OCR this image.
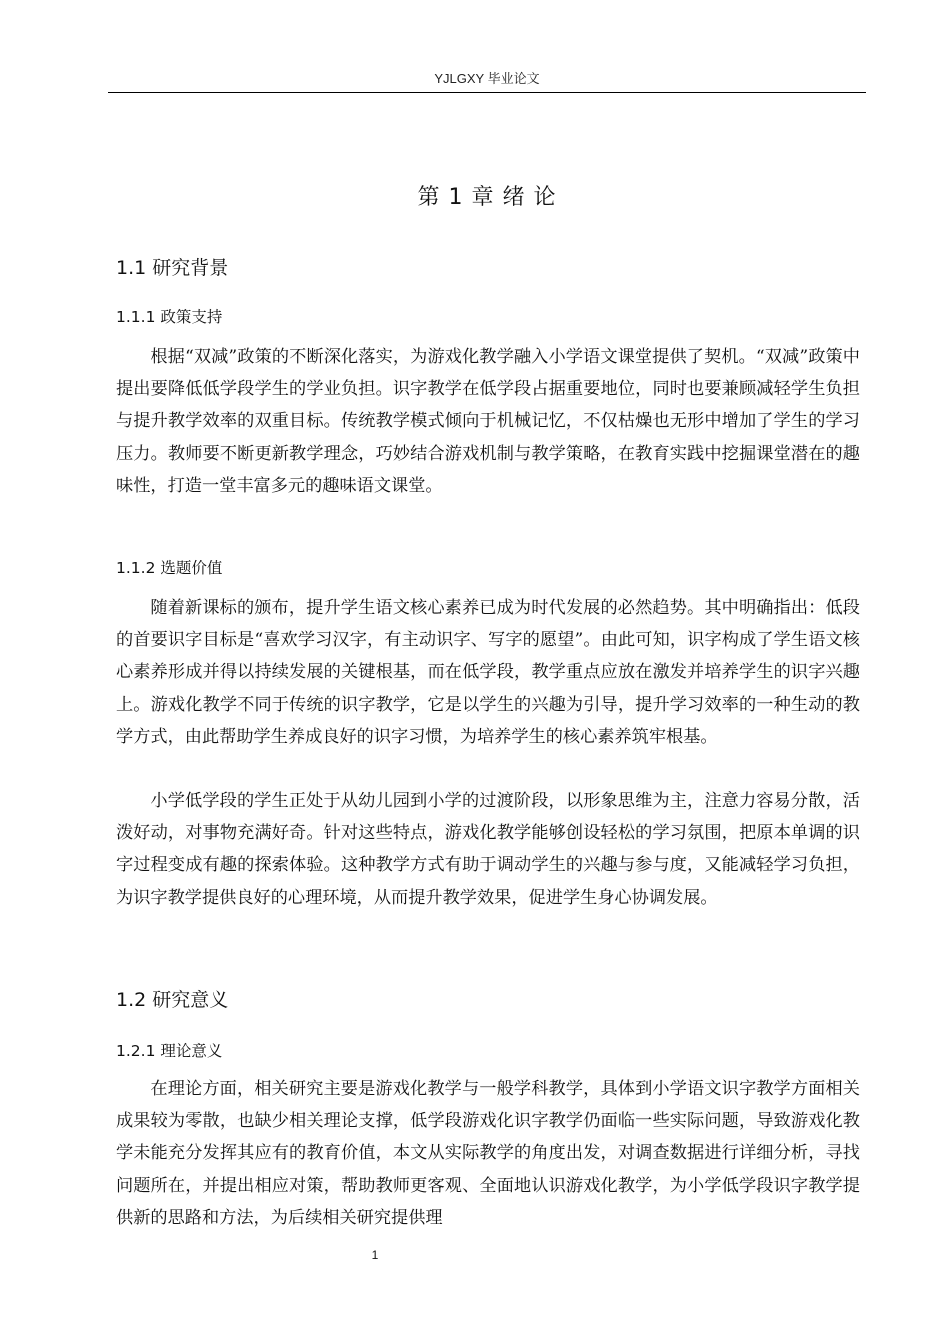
YJLGXY 毕业论文
第 1 章 绪 论
1.1 研究背景
1.1.1 政策支持

根据“双减”政策的不断深化落实，为游戏化教学融入小学语文课堂提供了契机。“双减”政策中提出要降低低学段学生的学业负担。识字教学在低学段占据重要地位，同时也要兼顾减轻学生负担与提升教学效率的双重目标。传统教学模式倾向于机械记忆，不仅枯燥也无形中增加了学生的学习压力。教师要不断更新教学理念，巧妙结合游戏机制与教学策略，在教育实践中挖掘课堂潜在的趣味性，打造一堂丰富多元的趣味语文课堂。

1.1.2 选题价值

随着新课标的颁布，提升学生语文核心素养已成为时代发展的必然趋势。其中明确指出：低段的首要识字目标是“喜欢学习汉字，有主动识字、写字的愿望”。由此可知，识字构成了学生语文核心素养形成并得以持续发展的关键根基，而在低学段，教学重点应放在激发并培养学生的识字兴趣上。游戏化教学不同于传统的识字教学，它是以学生的兴趣为引导，提升学习效率的一种生动的教学方式，由此帮助学生养成良好的识字习惯，为培养学生的核心素养筑牢根基。

小学低学段的学生正处于从幼儿园到小学的过渡阶段，以形象思维为主，注意力容易分散，活泼好动，对事物充满好奇。针对这些特点，游戏化教学能够创设轻松的学习氛围，把原本单调的识字过程变成有趣的探索体验。这种教学方式有助于调动学生的兴趣与参与度，又能减轻学习负担，为识字教学提供良好的心理环境，从而提升教学效果，促进学生身心协调发展。

1.2 研究意义
1.2.1 理论意义

在理论方面，相关研究主要是游戏化教学与一般学科教学，具体到小学语文识字教学方面相关成果较为零散，也缺少相关理论支撑，低学段游戏化识字教学仍面临一些实际问题，导致游戏化教学未能充分发挥其应有的教育价值，本文从实际教学的角度出发，对调查数据进行详细分析，寻找问题所在，并提出相应对策，帮助教师更客观、全面地认识游戏化教学，为小学低学段识字教学提供新的思路和方法，为后续相关研究提供理

1
